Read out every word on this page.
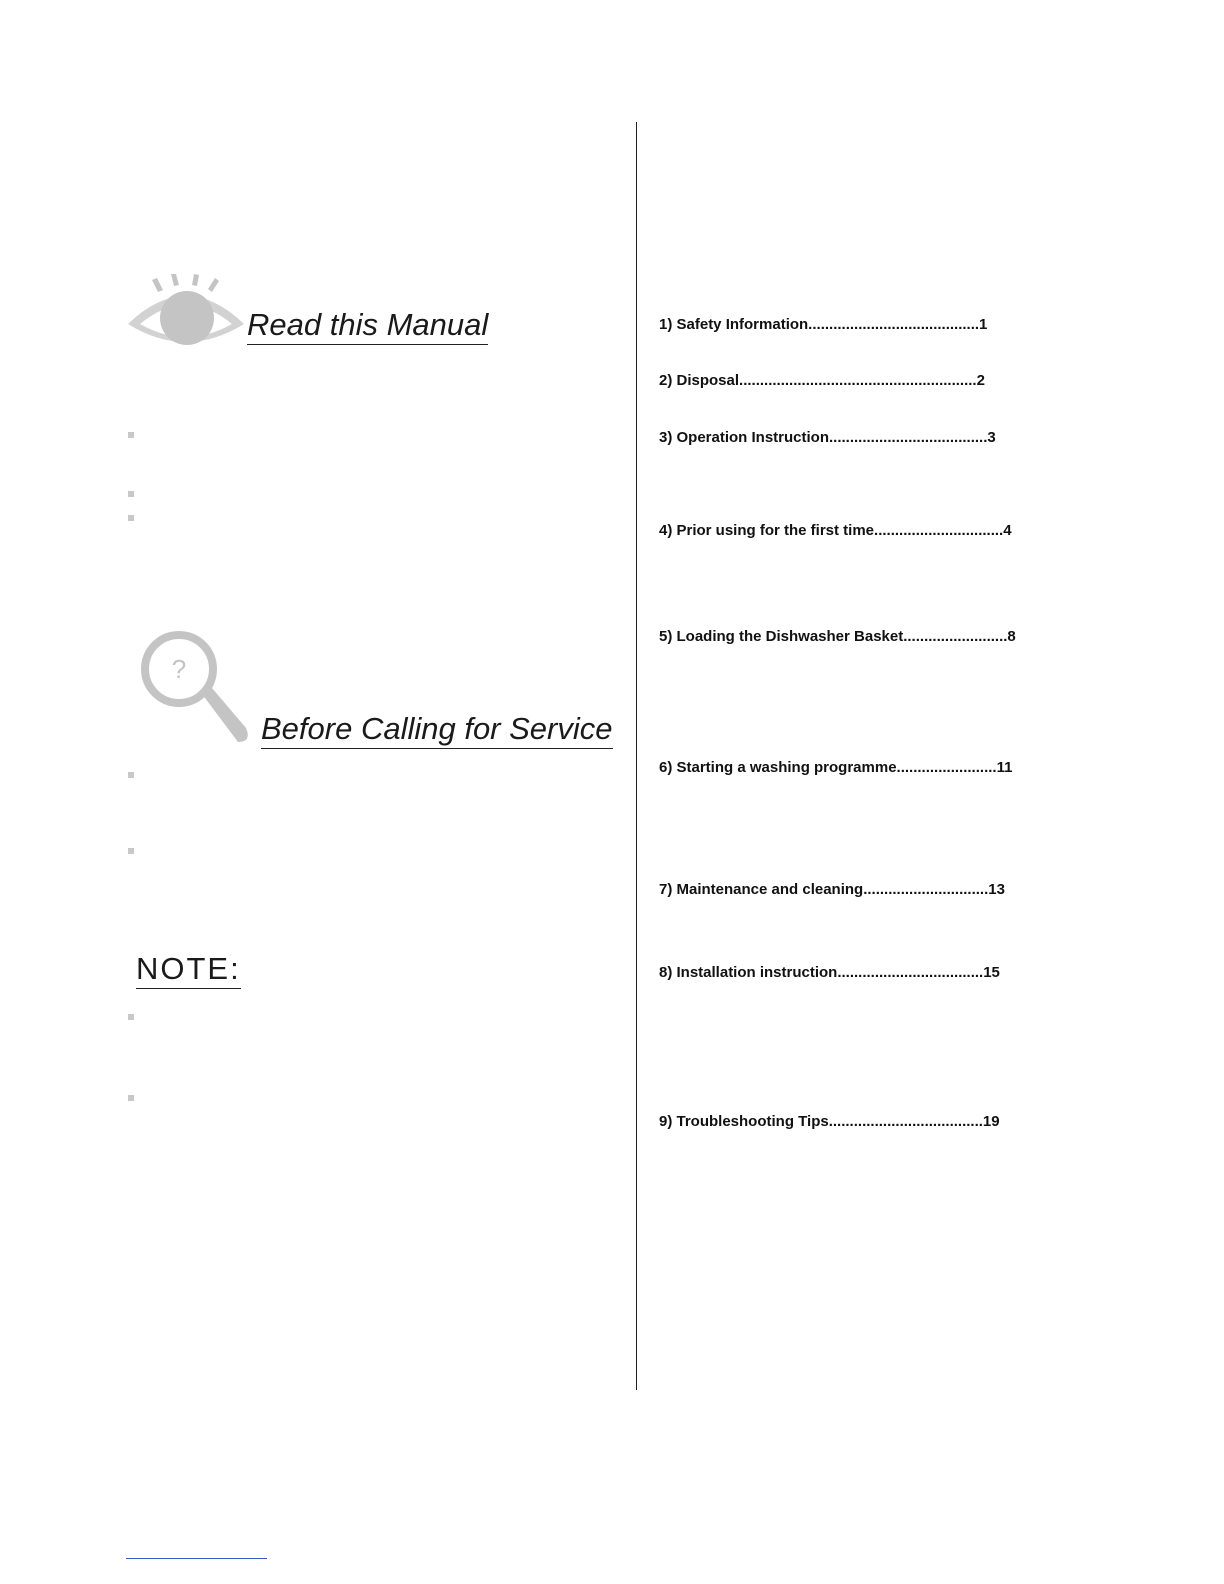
Read this Manual
?
Before Calling for Service
NOTE:
1) Safety Information.........................................1
2) Disposal.........................................................2
3) Operation Instruction......................................3
4) Prior using for the first time...............................4
5) Loading the Dishwasher Basket.........................8
6) Starting a washing programme........................11
7) Maintenance and cleaning..............................13
8) Installation instruction...................................15
9) Troubleshooting Tips.....................................19
